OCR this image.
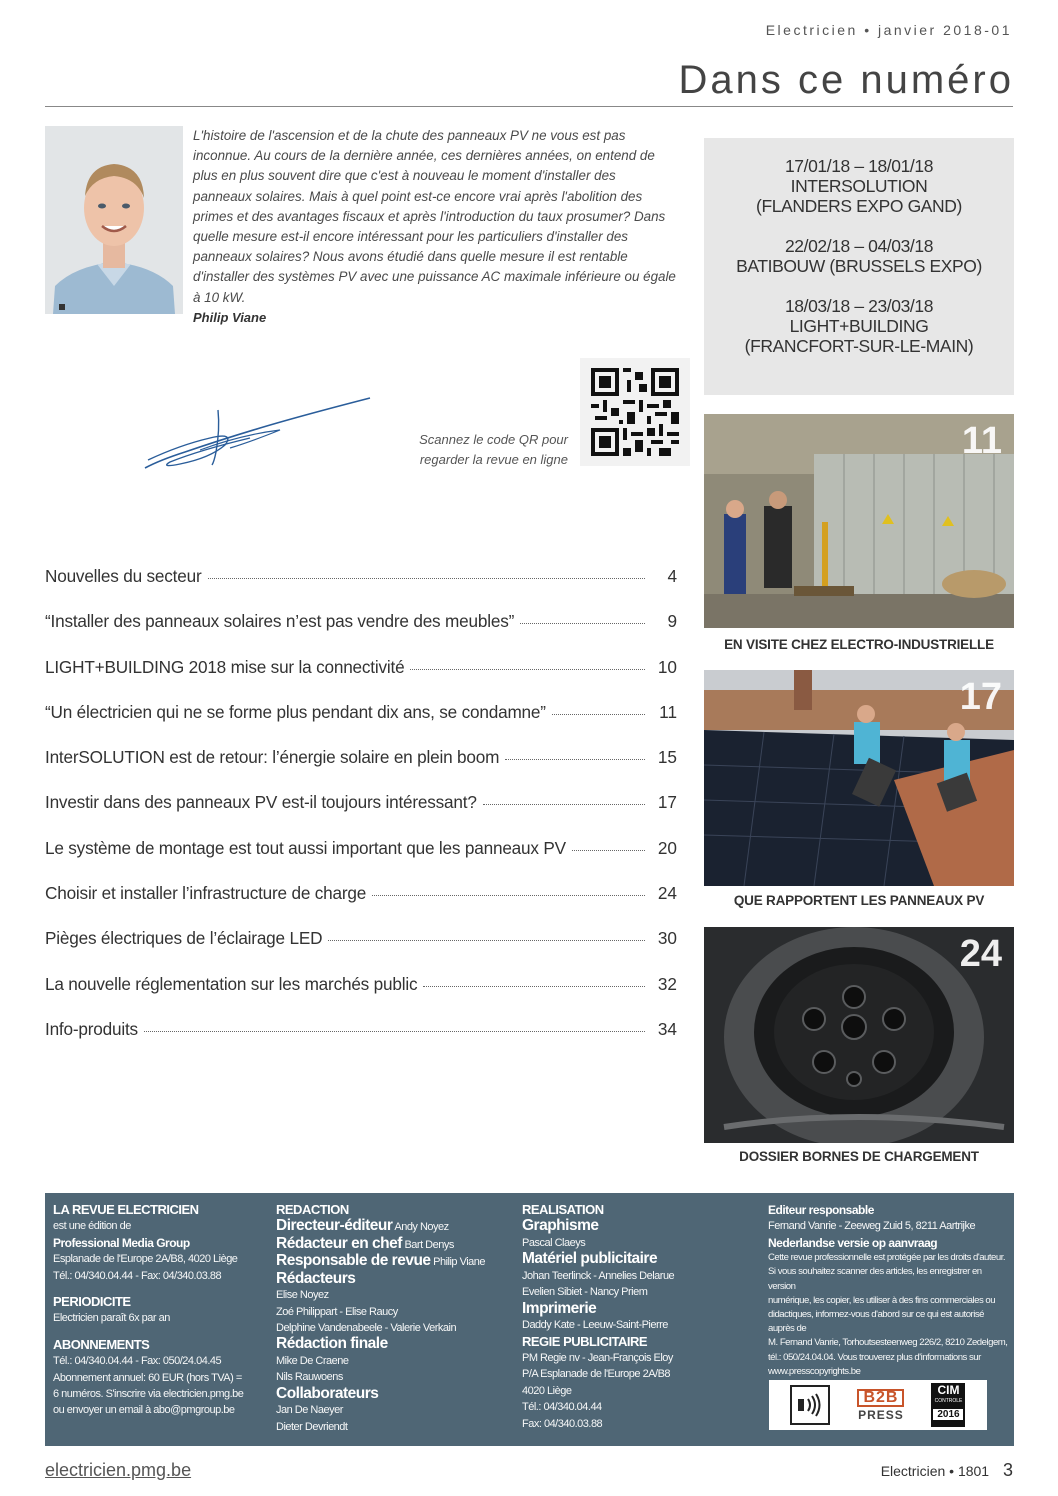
Electricien • janvier 2018-01
Dans ce numéro
L'histoire de l'ascension et de la chute des panneaux PV ne vous est pas inconnue. Au cours de la dernière année, ces dernières années, on entend de plus en plus souvent dire que c'est à nouveau le moment d'installer des panneaux solaires. Mais à quel point est-ce encore vrai après l'abolition des primes et des avantages fiscaux et après l'introduction du taux prosumer? Dans quelle mesure est-il encore intéressant pour les particuliers d'installer des panneaux solaires? Nous avons étudié dans quelle mesure il est rentable d'installer des systèmes PV avec une puissance AC maximale inférieure ou égale à 10 kW.
Philip Viane
Scannez le code QR pour regarder la revue en ligne
17/01/18 – 18/01/18
INTERSOLUTION
(FLANDERS EXPO GAND)
22/02/18 – 04/03/18
BATIBOUW (BRUSSELS EXPO)
18/03/18 – 23/03/18
LIGHT+BUILDING
(FRANCFORT-SUR-LE-MAIN)
11
EN VISITE CHEZ ELECTRO-INDUSTRIELLE
17
QUE RAPPORTENT LES PANNEAUX PV
24
DOSSIER BORNES DE CHARGEMENT
Nouvelles du secteur	4
“Installer des panneaux solaires n’est pas vendre des meubles”	9
LIGHT+BUILDING 2018 mise sur la connectivité	10
“Un électricien qui ne se forme plus pendant dix ans, se condamne”	11
InterSOLUTION est de retour: l’énergie solaire en plein boom	15
Investir dans des panneaux PV est-il toujours intéressant?	17
Le système de montage est tout aussi important que les panneaux PV	20
Choisir et installer l’infrastructure de charge	24
Pièges électriques de l’éclairage LED	30
La nouvelle réglementation sur les marchés public	32
Info-produits	34
LA REVUE ELECTRICIEN
est une édition de
Professional Media Group
Esplanade de l'Europe 2A/B8, 4020 Liège
Tél.: 04/340.04.44 - Fax: 04/340.03.88
PERIODICITE
Electricien paraît 6x par an
ABONNEMENTS
Tél.: 04/340.04.44 - Fax: 050/24.04.45
Abonnement annuel: 60 EUR (hors TVA) =
6 numéros. S'inscrire via electricien.pmg.be
ou envoyer un email à abo@pmgroup.be
REDACTION
Directeur-éditeur Andy Noyez
Rédacteur en chef Bart Denys
Responsable de revue Philip Viane
Rédacteurs
Elise Noyez
Zoé Philippart - Elise Raucy
Delphine Vandenabeele - Valerie Verkain
Rédaction finale
Mike De Craene
Nils Rauwoens
Collaborateurs
Jan De Naeyer
Dieter Devriendt
REALISATION
Graphisme
Pascal Claeys
Matériel publicitaire
Johan Teerlinck - Annelies Delarue
Evelien Sibiet - Nancy Priem
Imprimerie
Daddy Kate - Leeuw-Saint-Pierre
REGIE PUBLICITAIRE
PM Regie nv - Jean-François Eloy
P/A Esplanade de l'Europe 2A/B8
4020 Liège
Tél.: 04/340.04.44
Fax: 04/340.03.88
Editeur responsable
Fernand Vanrie - Zeeweg Zuid 5, 8211 Aartrijke
Nederlandse versie op aanvraag
Cette revue professionnelle est protégée par les droits d'auteur.
Si vous souhaitez scanner des articles, les enregistrer en version
numérique, les copier, les utiliser à des fins commerciales ou
didactiques, informez-vous d'abord sur ce qui est autorisé auprès de
M. Fernand Vanrie, Torhoutsesteenweg 226/2, 8210 Zedelgem,
tél.: 050/24.04.04. Vous trouverez plus d'informations sur
www.presscopyrights.be
B2B
PRESS
CIM
CONTROLE
2016
electricien.pmg.be	Electricien • 1801 3
